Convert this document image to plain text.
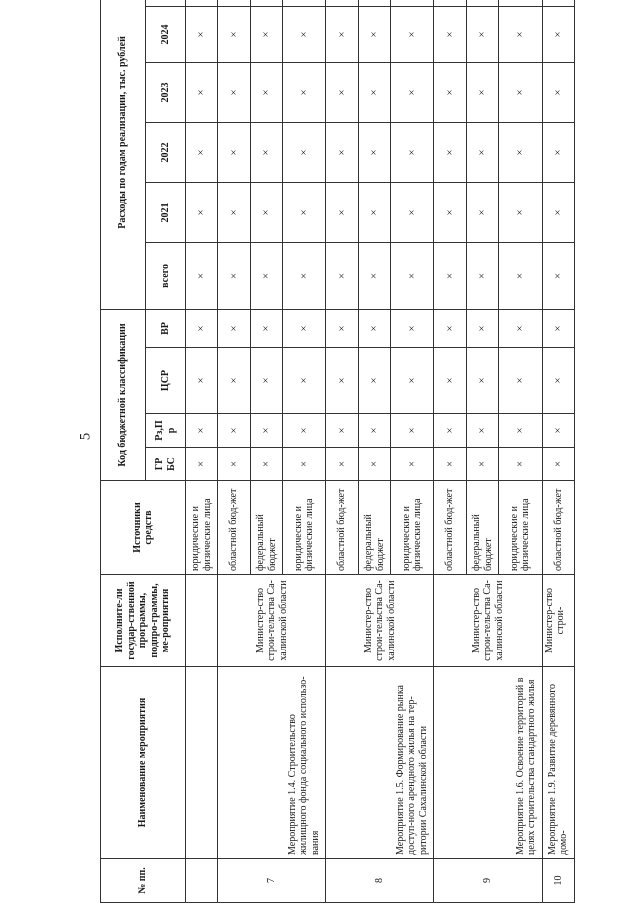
5
№ пп.	Наименование мероприятия	Исполните-ли государ-ственной программы, подпро-граммы, ме-роприятия	Источники средств	Код бюджетной классификации				Расходы по годам реализации, тыс. рублей					
				ГР БС	Рз,П р	ЦСР	ВР	всего	2021	2022	2023	2024	
			юридические и физические лица	×	×	×	×	×	×	×	×	×	
7	Мероприятие 1.4. Строительство жилищного фонда социального использо-вания	Министер-ство строи-тельства Са-халинской области	областной бюд-жет	×	×	×	×	×	×	×	×	×	
			федеральный бюджет	×	×	×	×	×	×	×	×	×	
			юридические и физические лица	×	×	×	×	×	×	×	×	×	
8	Мероприятие 1.5. Формирование рынка доступ-ного арендного жилья на тер-ритории Сахалинской области	Министер-ство строи-тельства Са-халинской области	областной бюд-жет	×	×	×	×	×	×	×	×	×	
			федеральный бюджет	×	×	×	×	×	×	×	×	×	
			юридические и физические лица	×	×	×	×	×	×	×	×	×	
9	Мероприятие 1.6. Освоение территорий в целях строительства стандартного жилья	Министер-ство строи-тельства Са-халинской области	областной бюд-жет	×	×	×	×	×	×	×	×	×	
			федеральный бюджет	×	×	×	×	×	×	×	×	×	
			юридические и физические лица	×	×	×	×	×	×	×	×	×	
10	Мероприятие 1.9. Развитие деревянного домо-	Министер-ство строи-	областной бюд-жет	×	×	×	×	×	×	×	×	×	
